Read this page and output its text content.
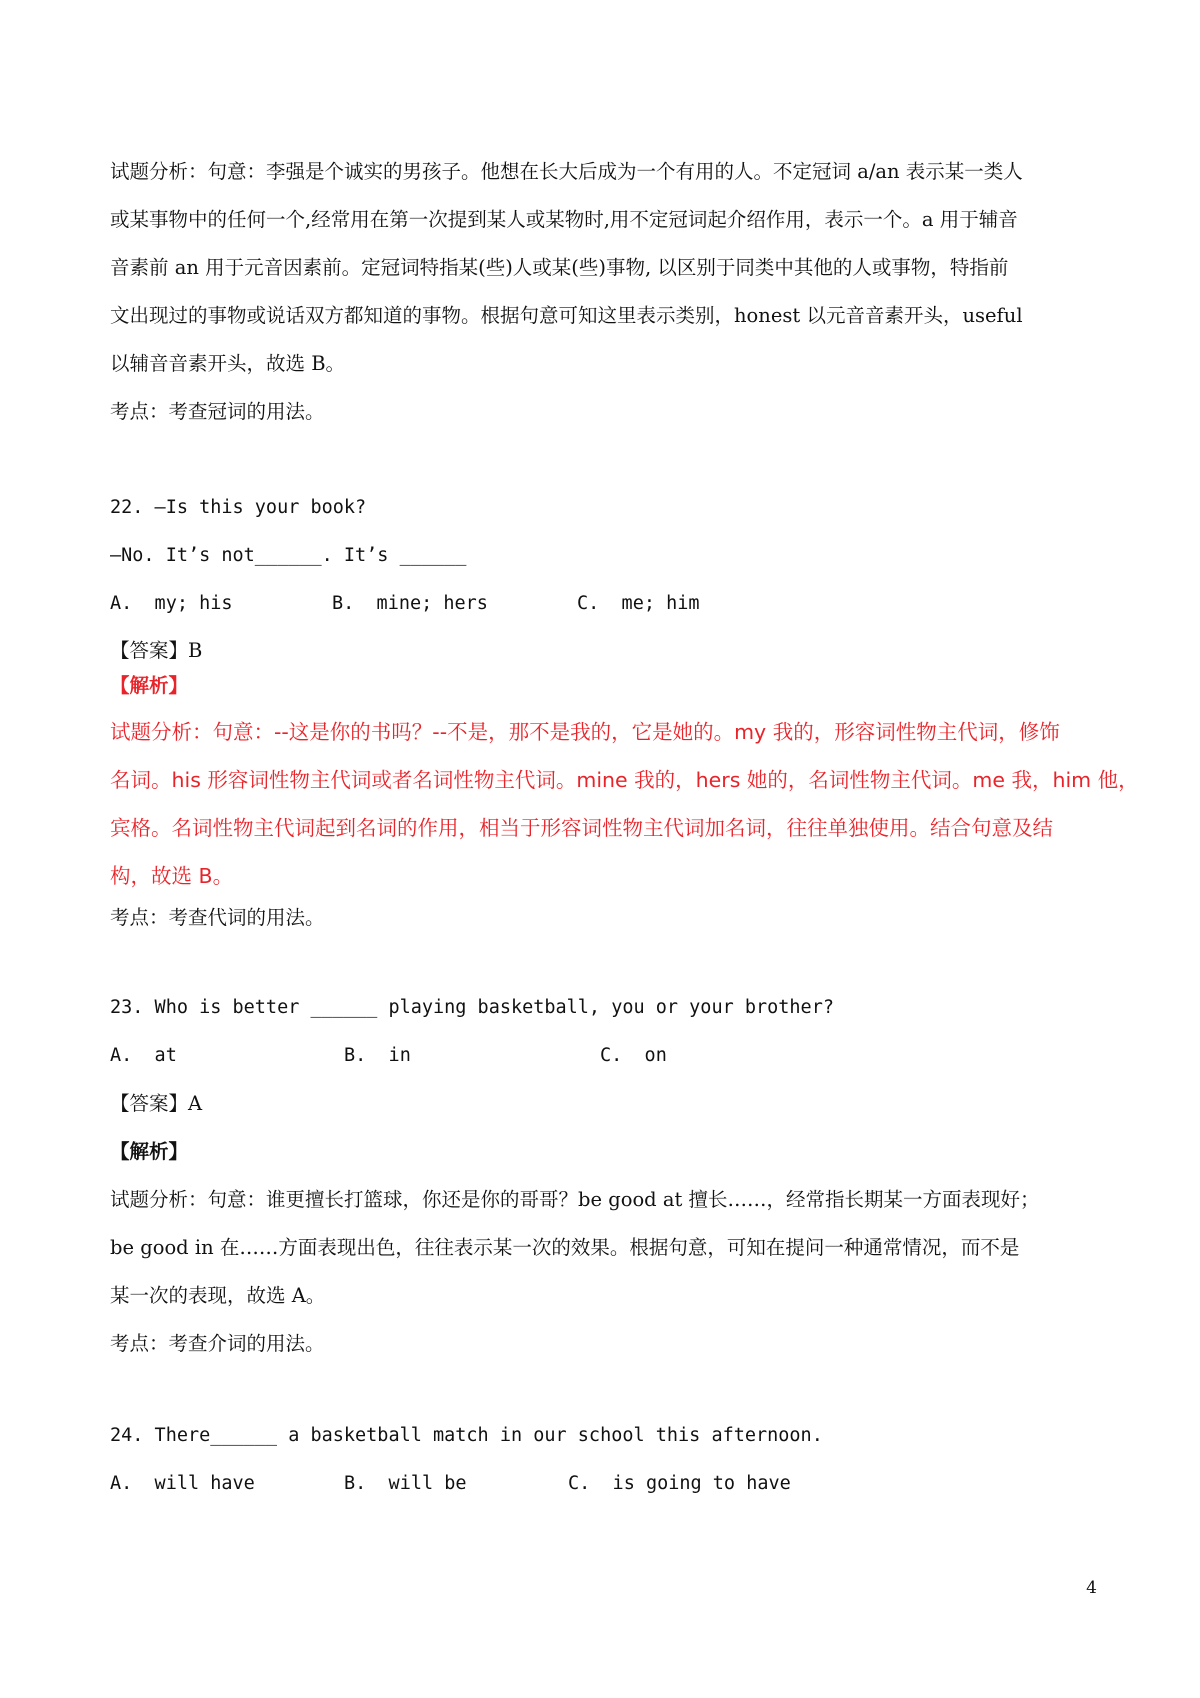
试题分析：句意：李强是个诚实的男孩子。他想在长大后成为一个有用的人。不定冠词 a/an 表示某一类人
或某事物中的任何一个,经常用在第一次提到某人或某物时,用不定冠词起介绍作用，表示一个。a 用于辅音
音素前 an 用于元音因素前。定冠词特指某(些)人或某(些)事物, 以区别于同类中其他的人或事物，特指前
文出现过的事物或说话双方都知道的事物。根据句意可知这里表示类别，honest 以元音音素开头，useful
以辅音音素开头，故选 B。
考点：考查冠词的用法。
22. —Is this your book?
—No. It’s not______. It’s ______
A.  my; his	B.  mine; hers	C.  me; him
【答案】B
【解析】
试题分析：句意：--这是你的书吗？--不是，那不是我的，它是她的。my 我的，形容词性物主代词，修饰
名词。his 形容词性物主代词或者名词性物主代词。mine 我的，hers 她的，名词性物主代词。me 我，him 他，
宾格。名词性物主代词起到名词的作用，相当于形容词性物主代词加名词，往往单独使用。结合句意及结
构，故选 B。
考点：考查代词的用法。
23. Who is better ______ playing basketball, you or your brother?
A.  at	B.  in	C.  on
【答案】A
【解析】
试题分析：句意：谁更擅长打篮球，你还是你的哥哥？be good at 擅长……，经常指长期某一方面表现好；
be good in 在……方面表现出色，往往表示某一次的效果。根据句意，可知在提问一种通常情况，而不是
某一次的表现，故选 A。
考点：考查介词的用法。
24. There______ a basketball match in our school this afternoon.
A.  will have	B.  will be	C.  is going to have
4
